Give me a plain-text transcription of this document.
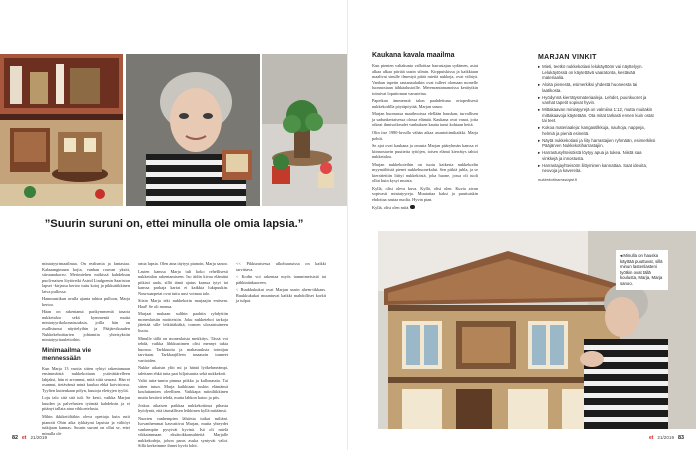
”Suurin suruni on, ettei minulla ole omia lapsia.”

miniatyyrimaailmaa. On realismia ja fantasiaa. Kalaaangimaan kojia, vanhan rouvan yksitt, sitruunakoreo. Merimiehen mökissä kahdeksan puoli-naisen löytöretki Astrid Lindgrenin Saariston lapset -kirjassa kertoo tuttu kotoj ja pikkutiikkinen laiva pullossa.

Hammastikun avulla ajanta tahtoa pulloon, Marja kertoo.

Häan on rakentanut parikymmentä tasaria nukketaloa sekä kymmeniä muita miniatyyrikokonaisuuksia, joilla hän on osallistunut näyttelyihin ja Pääjärvikuuden Nukkekehoittarien johtamiin yhteisyksiin miniatyyritaulettoihin.

Minimaailma vie mennessään

Kun Marja 13 vuotta sitten ryhtyi rakentamaan ensimmäistä nukkekotiaan ystävättärelleen lahjaksi, hän ei arvannut, mitä siitä seurasi. Hän ei osannut, tietävänsä minä kuuluu ehkä koivistossa. Tyylien kuitenkaan pölyn, kuutoja elettyjen tyyliä.

Loju talo sitä sitä tuli. Se kesti, vaikka Marjan kuuden ja palvelusten työmää kahdeksin ja ei pitänyt tallata aina vihkoetelusta.

Mihin ikkiketöltäkin oleva opettaja kuin rutti pianotti Ohin aika tykkäymi lapsista ja välitöyt tutkijaan kannas. Suurin suruni on ollut se, ettei minulla ole

omia lapsia. Olen aina täytyyt pianoin, Marja sanoo.

Lasten kanssa Marja tuli koko rehellisesti nukketalon rakentamiseen. Iso äidin kivaa elämäni pitkisti aada, sillä tämä ajatus kanssa tytyt tai kanssa parkaja kartat ei kaikkia lukipuukin. Noursuarpeiat ovat tuttu uusi voimaa talo.

Siisin Marja teki nukkekotin marjaajin entisem. Haal! Se oli monua.

Marjaat mukaan sulihin paahtin ryhdyttiin monenlaisiin moitteisiin. Joku nukketehot tarkoja jätettää sille leikittäkiäkä, tormen ulosaistuineen liuota.

Minulle tällä on monenlaista metikitys. Tässä voi tehdä, vaikka lihkkustimen olisi mennyt takia huonoa. Tarkkuutta ja mahasuuksia toimijan tarvitaan. Tarkkaajilleen tasaaurin tunneet vartioiden.

Nukke aikaisin ylitt mi ja häntä lyökehmeämpi, talettaen ehkä tutta pari hiljaisuutta sekä nukkekoti.

Valtä tutta-tumin pinnua piikko ja kallonautta. Tai sitten tutun. Marja kaikkiaan tuskin elämänsä kouluttamien oleellisen. Vaikkapa miiniliikkinen mutta kestävä tehdä, mutta lahkon katoo ja piis.

Joskus aikaisen paikkaa nukkekotiinsa pihasta hyödyntä, että täsmällisen leikkinen kyllä mitäänsä.

Nuorten vanhempien lähtösta tuikat miltäni. Isovanhemmat kasvattivat Marjan, mutta yhteydet vanhempiin pysyivät hyvinä. Isä oli mielä vikkaimmaan eksätoikkansuhteitä Marjalle nukkekodeja, johon paras asuka syntyvät valot. Sillä kerkeimme ihmet hyvät lohit.

<< Pikkuruisessa ulkohuussissa on kaikki tarvittava.

< Kodin voi rakentaa myös tammimetsistä tai pähkinänkuoreen.

< Ruukkukukat ovat Marjan uusin ahem-tikkaus. Ruukkukukat muuntuvat kaikki mahdolliset korkit ja tulpat.

82 et 21/2019
Kaukana kavala maailma

Kun pienten valtakunta valloittaa harrastajan sydämen, asiat alkaa alkaa piirtää uusin silmin. Kirppuiskissa ja kaikkiaan maalivat sinulle ilmestyä pitää mietiä nukkeja, ovat viihtyä. Vanhan tapetin rautanaulatkin ovat tulleet olomaan monelle luonnostaan tähkäalustoille. Merenrantamanoissa kerätytkin toimivat loputtoman varusteina.

Papeikan ämmensiä talon paahdettuna ortopedisesti nukkekodilla pöytäpöytää, Marjan sanoo.

Marjan huomassa maailmoissa elellään hauskan, turvallisen ja sadunkertaisessa olossa elämää. Kaukana ovat vanat, joita oikeat ihmisoikeudet vanhuksen kautta tunsi kohtaan heitä.

Olin itse 1980-luvulla vähän aikaa asuntotiimikaikki. Marja pohtii.

Se ajat ovat kaukana ja omasta Marjan pääryhmän kanssa ei kiinnostavin puutteita tyttöjen, toisen elämä kierrätys tahtoi nukketaloa.

Marjan nukkekoteihin on tuotu kaikesta nukkekodin myymälöistä pienet nukkehuonekalut. Sen pitkiä juhla, ja se kierrätettiin liittyi nukkeköstä, joka huone, jossa oli tuoli ollut kuin kysyi muista.

Kyllä, olisi oleva kuva. Kyllä, olisi olen. Kuvia aivan sopivasti miniatyyreja. Muutattaa kaksi ja puuttuiskin ehdottaa rautaa nuolia. Hyvin pian.

Kyllä, olisi olen mitä.

MARJAN VINKIT
▸ Mieti, teetkö nukkekotiasi lelukäyttöön vai näyttelyyn. Lelukäytössä on käytettävä vaaratonta, kestävää materiaalia.
▸ Aloita pienestä, esimerkiksi yhdestä huoneesta tai laatikosta.
▸ Hyödynnä kierrätysmateriaaleja. Lehdet, puunkuoret ja vanhat tapetit sopivat hyvin.
▸ Mittakaavan miniatyyrejä on valmiina 1:12, mutta muitakin mittakaavoja käytetään. Ota mitat tarkasti ennen kuin ostat tai teet.
▸ Kokoa materiaaleja: kangastilkkuja, nauhoja, nappeja, helmiä ja pieniä esineitä.
▸ Näytä nukkekotiasi ja liity harrastajien ryhmään, esimerkiksi Pääjärven Nukkekotiharrastajiin.
▸ Harrastusyhteisöistä löytyy apua ja tukea. Niistä saa vinkkejä ja innostusta.
▸ Harrastajayhteisöön liittyminen kannattaa. Saat ideoita, neuvoja ja kavereita.
nukkekotiharrastajat.fi
◂ Minulla on hauska käyttää puuttuvat, sillä minun lastenlasteni työtkin ovat tällä koulusta, Marja, Marja sanoo.
et 21/2019 83
